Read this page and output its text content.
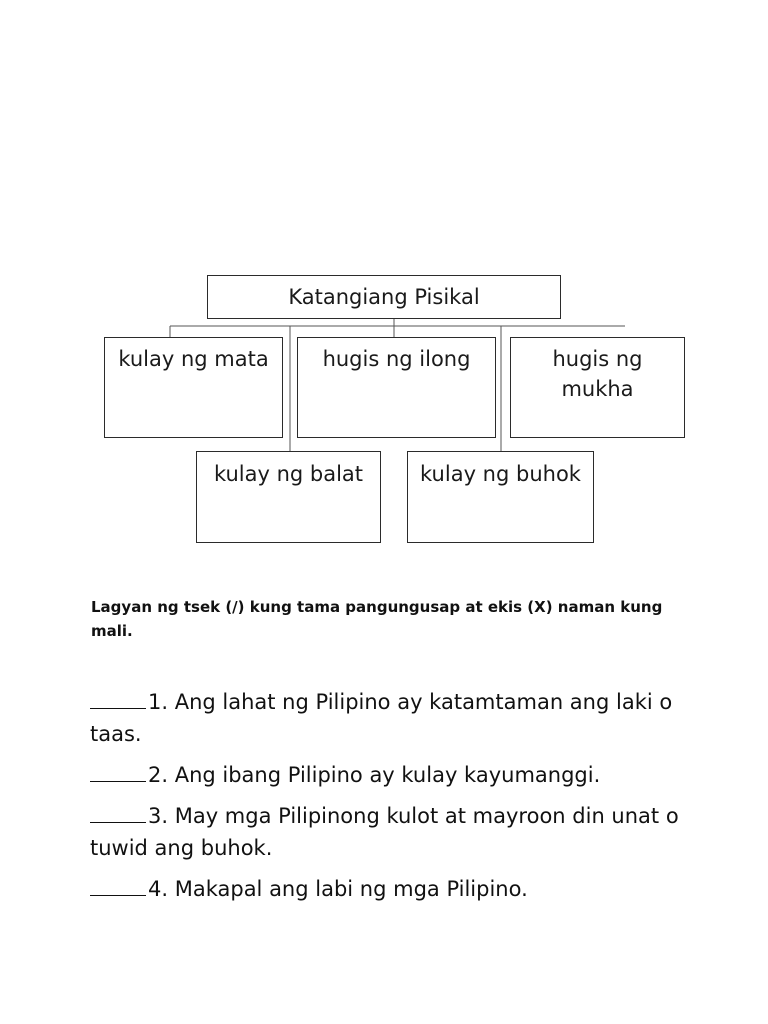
Katangiang Pisikal
kulay ng mata	hugis ng ilong	hugis ng
mukha
kulay ng balat	kulay ng buhok
Lagyan ng tsek (/) kung tama pangungusap at ekis (X) naman kung mali.
1. Ang lahat ng Pilipino ay katamtaman ang laki o taas.
2. Ang ibang Pilipino ay kulay kayumanggi.
3. May mga Pilipinong kulot at mayroon din unat o tuwid ang buhok.
4. Makapal ang labi ng mga Pilipino.
